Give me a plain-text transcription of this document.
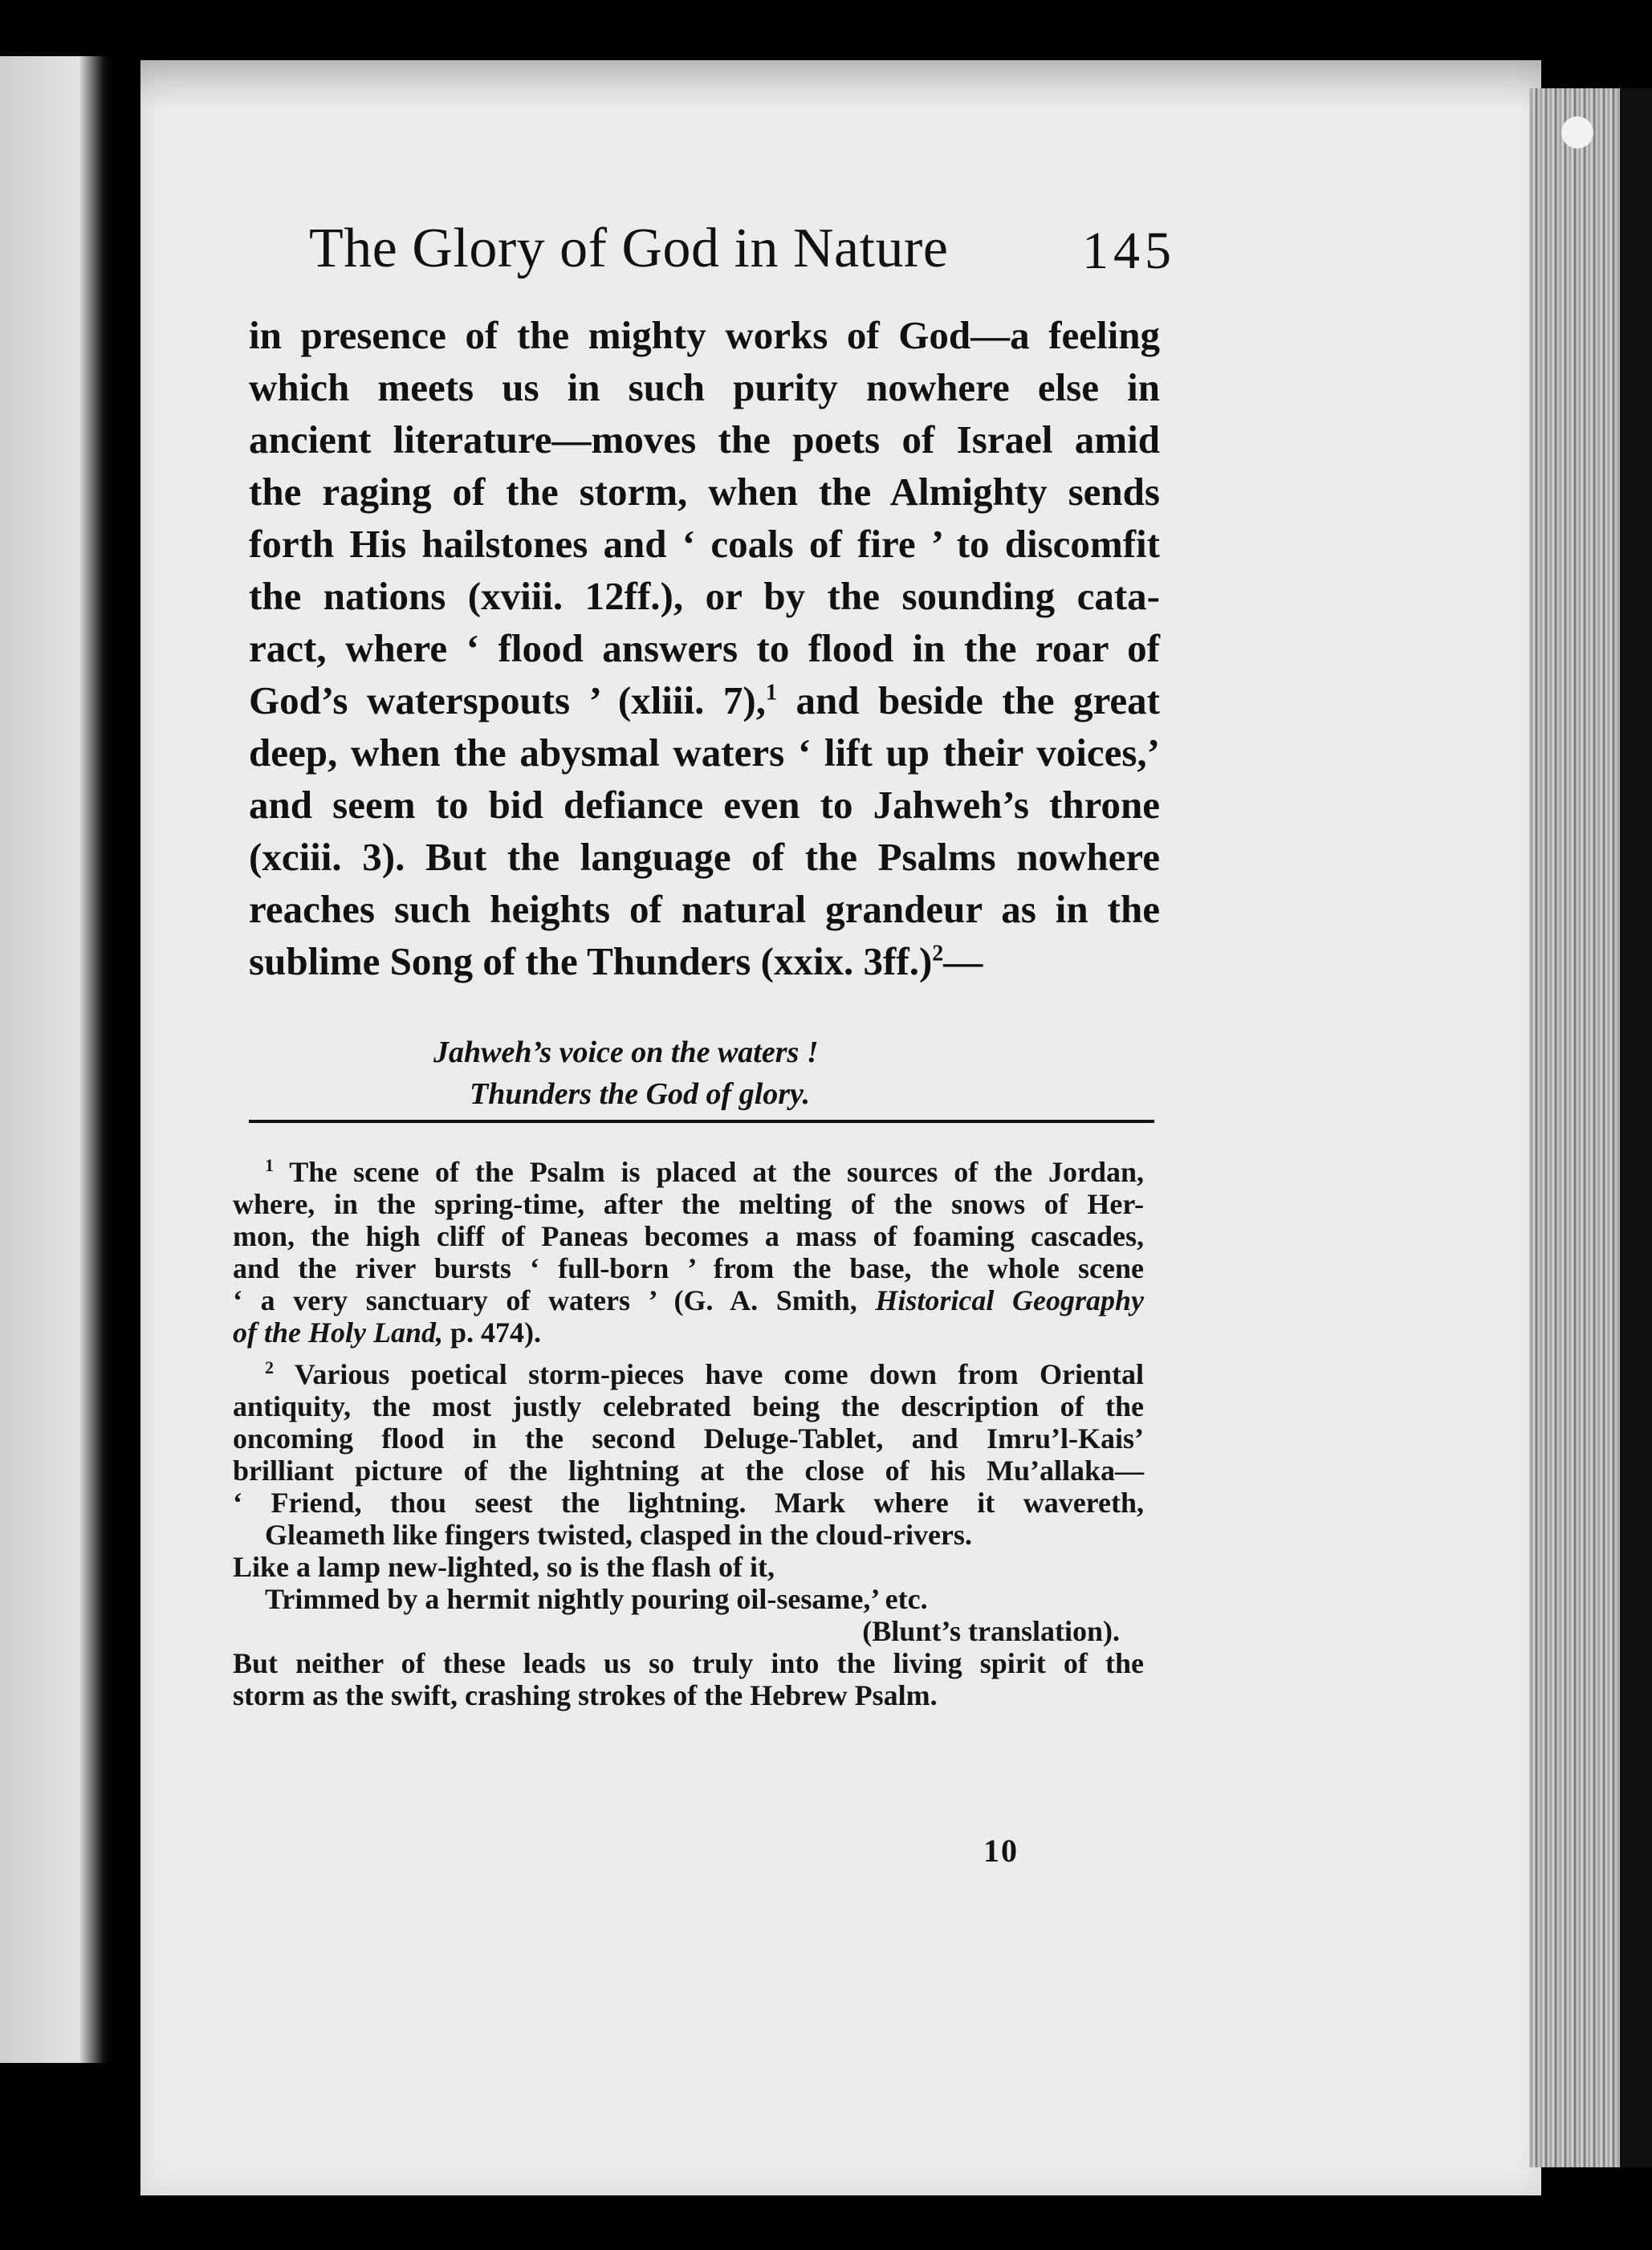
The Glory of God in Nature	145
in presence of the mighty works of God—a feeling
which meets us in such purity nowhere else in
ancient literature—moves the poets of Israel amid
the raging of the storm, when the Almighty sends
forth His hailstones and ‘ coals of fire ’ to discomfit
the nations (xviii. 12ff.), or by the sounding cata-
ract, where ‘ flood answers to flood in the roar of
God’s waterspouts ’ (xliii. 7),$^1$ and beside the great
deep, when the abysmal waters ‘ lift up their voices,’
and seem to bid defiance even to Jahweh’s throne
(xciii. 3). But the language of the Psalms nowhere
reaches such heights of natural grandeur as in the
sublime Song of the Thunders (xxix. 3ff.)$^2$—
Jahweh’s voice on the waters !
Thunders the God of glory.
$^1$ The scene of the Psalm is placed at the sources of the Jordan,
where, in the spring-time, after the melting of the snows of Her-
mon, the high cliff of Paneas becomes a mass of foaming cascades,
and the river bursts ‘ full-born ’ from the base, the whole scene
‘ a very sanctuary of waters ’ (G. A. Smith, Historical Geography
of the Holy Land, p. 474).
$^2$ Various poetical storm-pieces have come down from Oriental
antiquity, the most justly celebrated being the description of the
oncoming flood in the second Deluge-Tablet, and Imru’l-Kais’
brilliant picture of the lightning at the close of his Mu’allaka—
‘ Friend, thou seest the lightning. Mark where it wavereth,
Gleameth like fingers twisted, clasped in the cloud-rivers.
Like a lamp new-lighted, so is the flash of it,
Trimmed by a hermit nightly pouring oil-sesame,’ etc.
(Blunt’s translation).
But neither of these leads us so truly into the living spirit of the
storm as the swift, crashing strokes of the Hebrew Psalm.
10
